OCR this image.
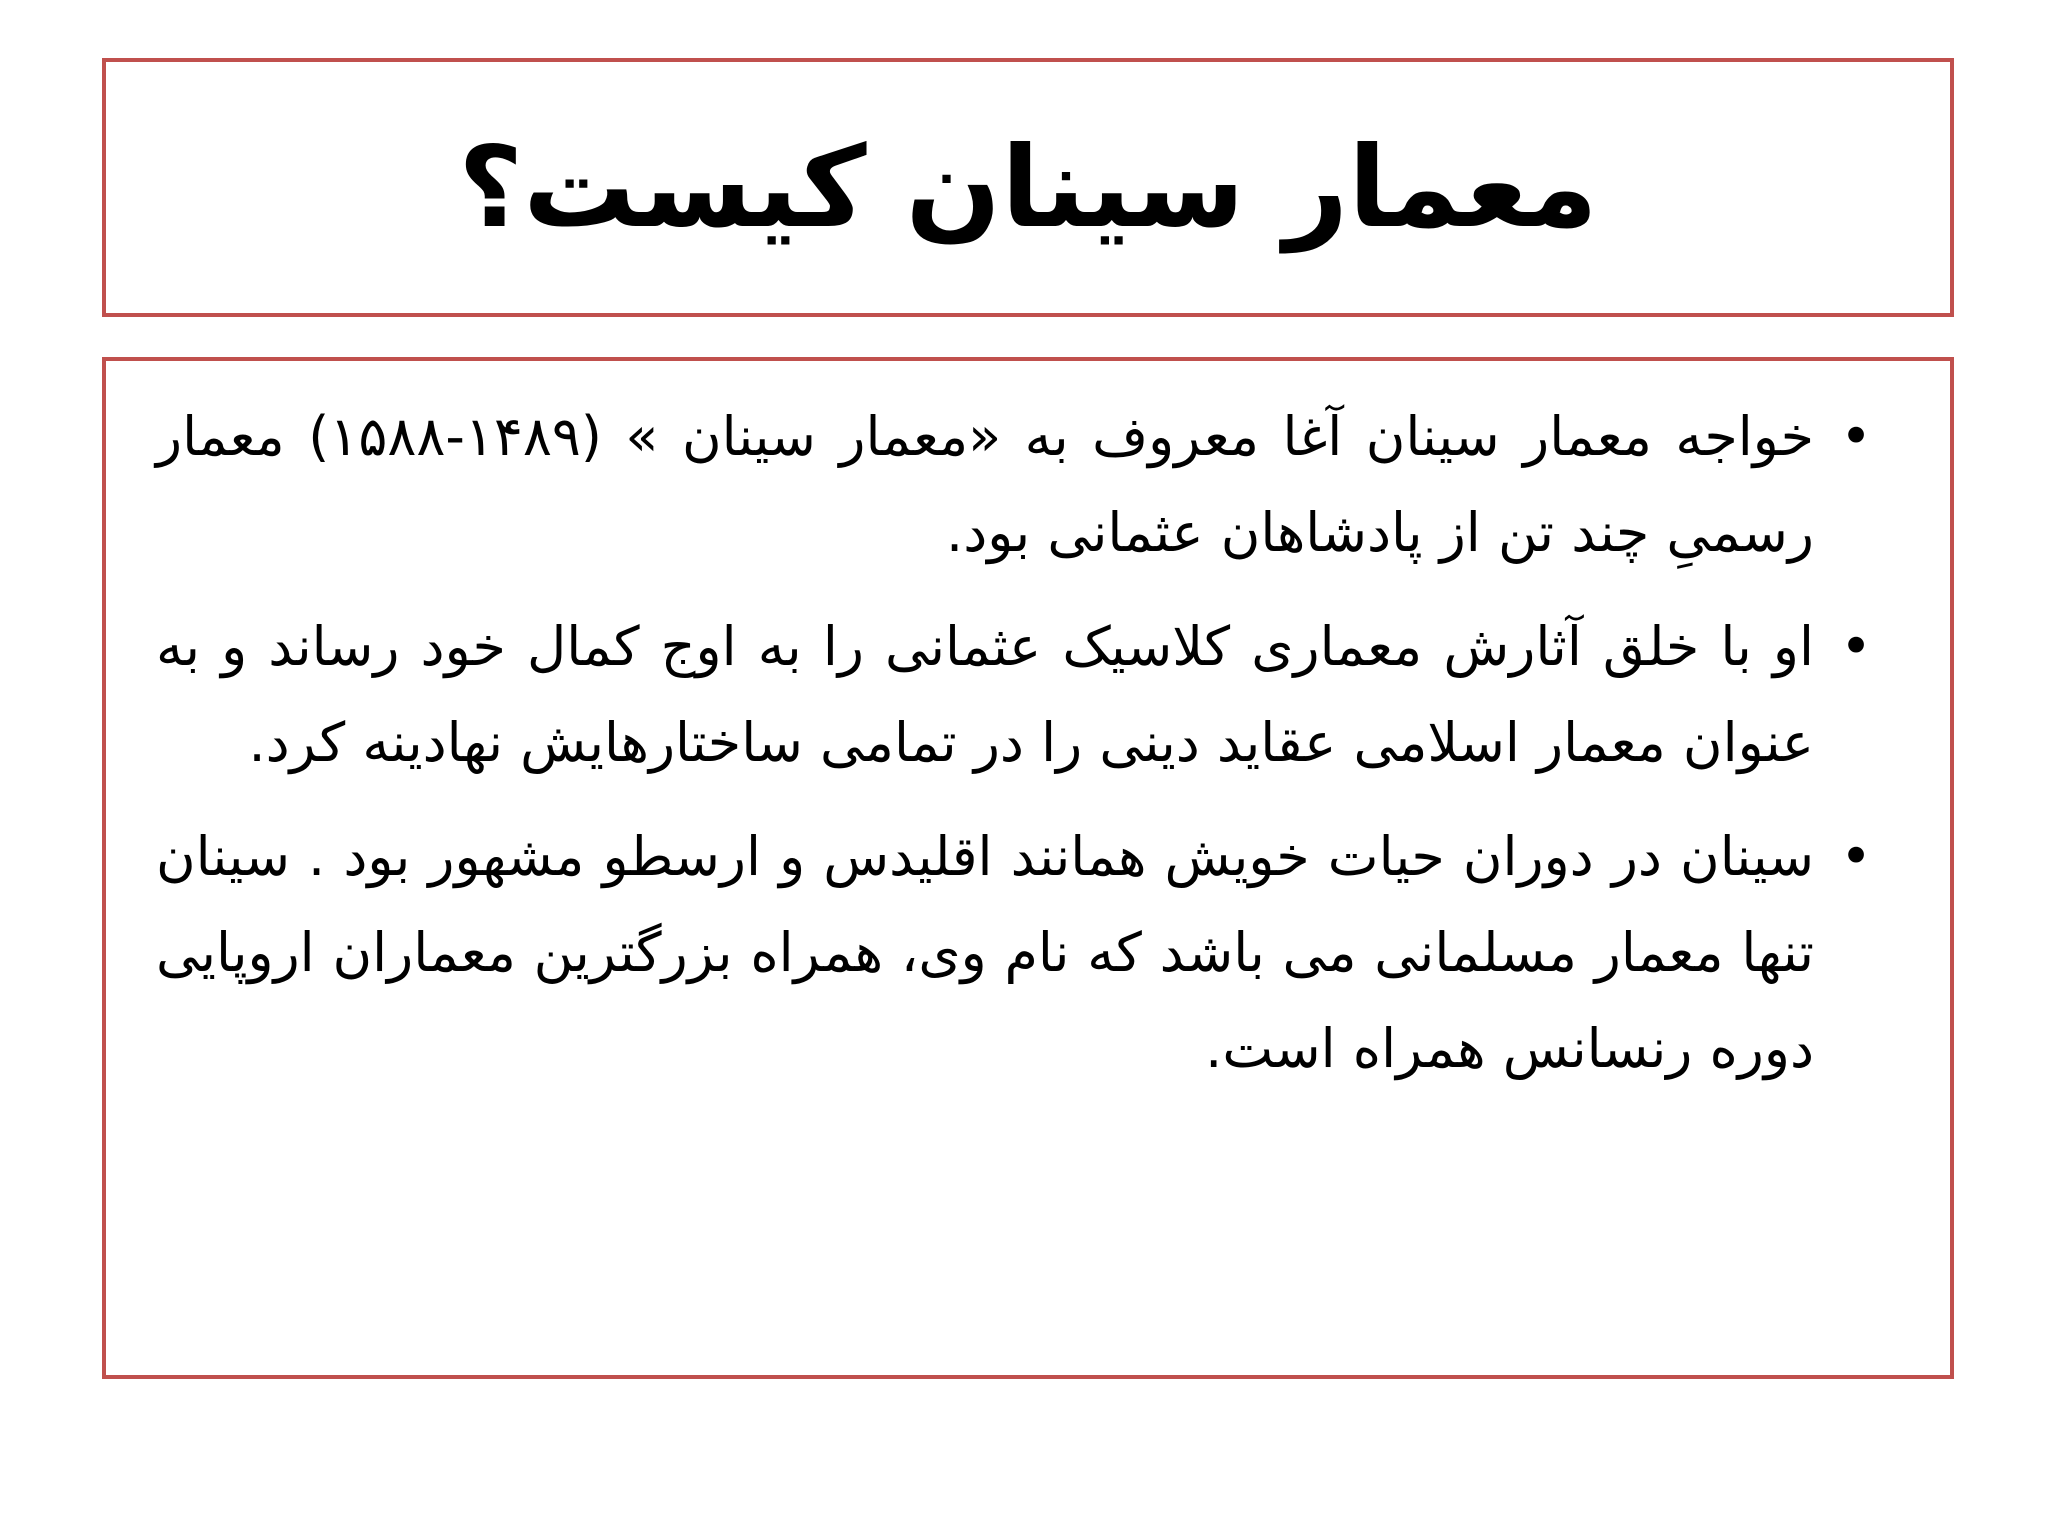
معمار سینان کیست؟
•
خواجه معمار سینان آغا معروف به «معمار سینان » (۱۴۸۹-۱۵۸۸) معمار رسمیِ چند تن از پادشاهان عثمانی بود.
•
او با خلق آثارش معماری کلاسیک عثمانی را به اوج کمال خود رساند و به عنوان معمار اسلامی عقاید دینی را در تمامی ساختارهایش نهادینه کرد.
•
سینان در دوران حیات خویش همانند اقلیدس و ارسطو مشهور بود . سینان تنها معمار مسلمانی می باشد که نام وی، همراه بزرگترین معماران اروپایی دوره رنسانس همراه است.
